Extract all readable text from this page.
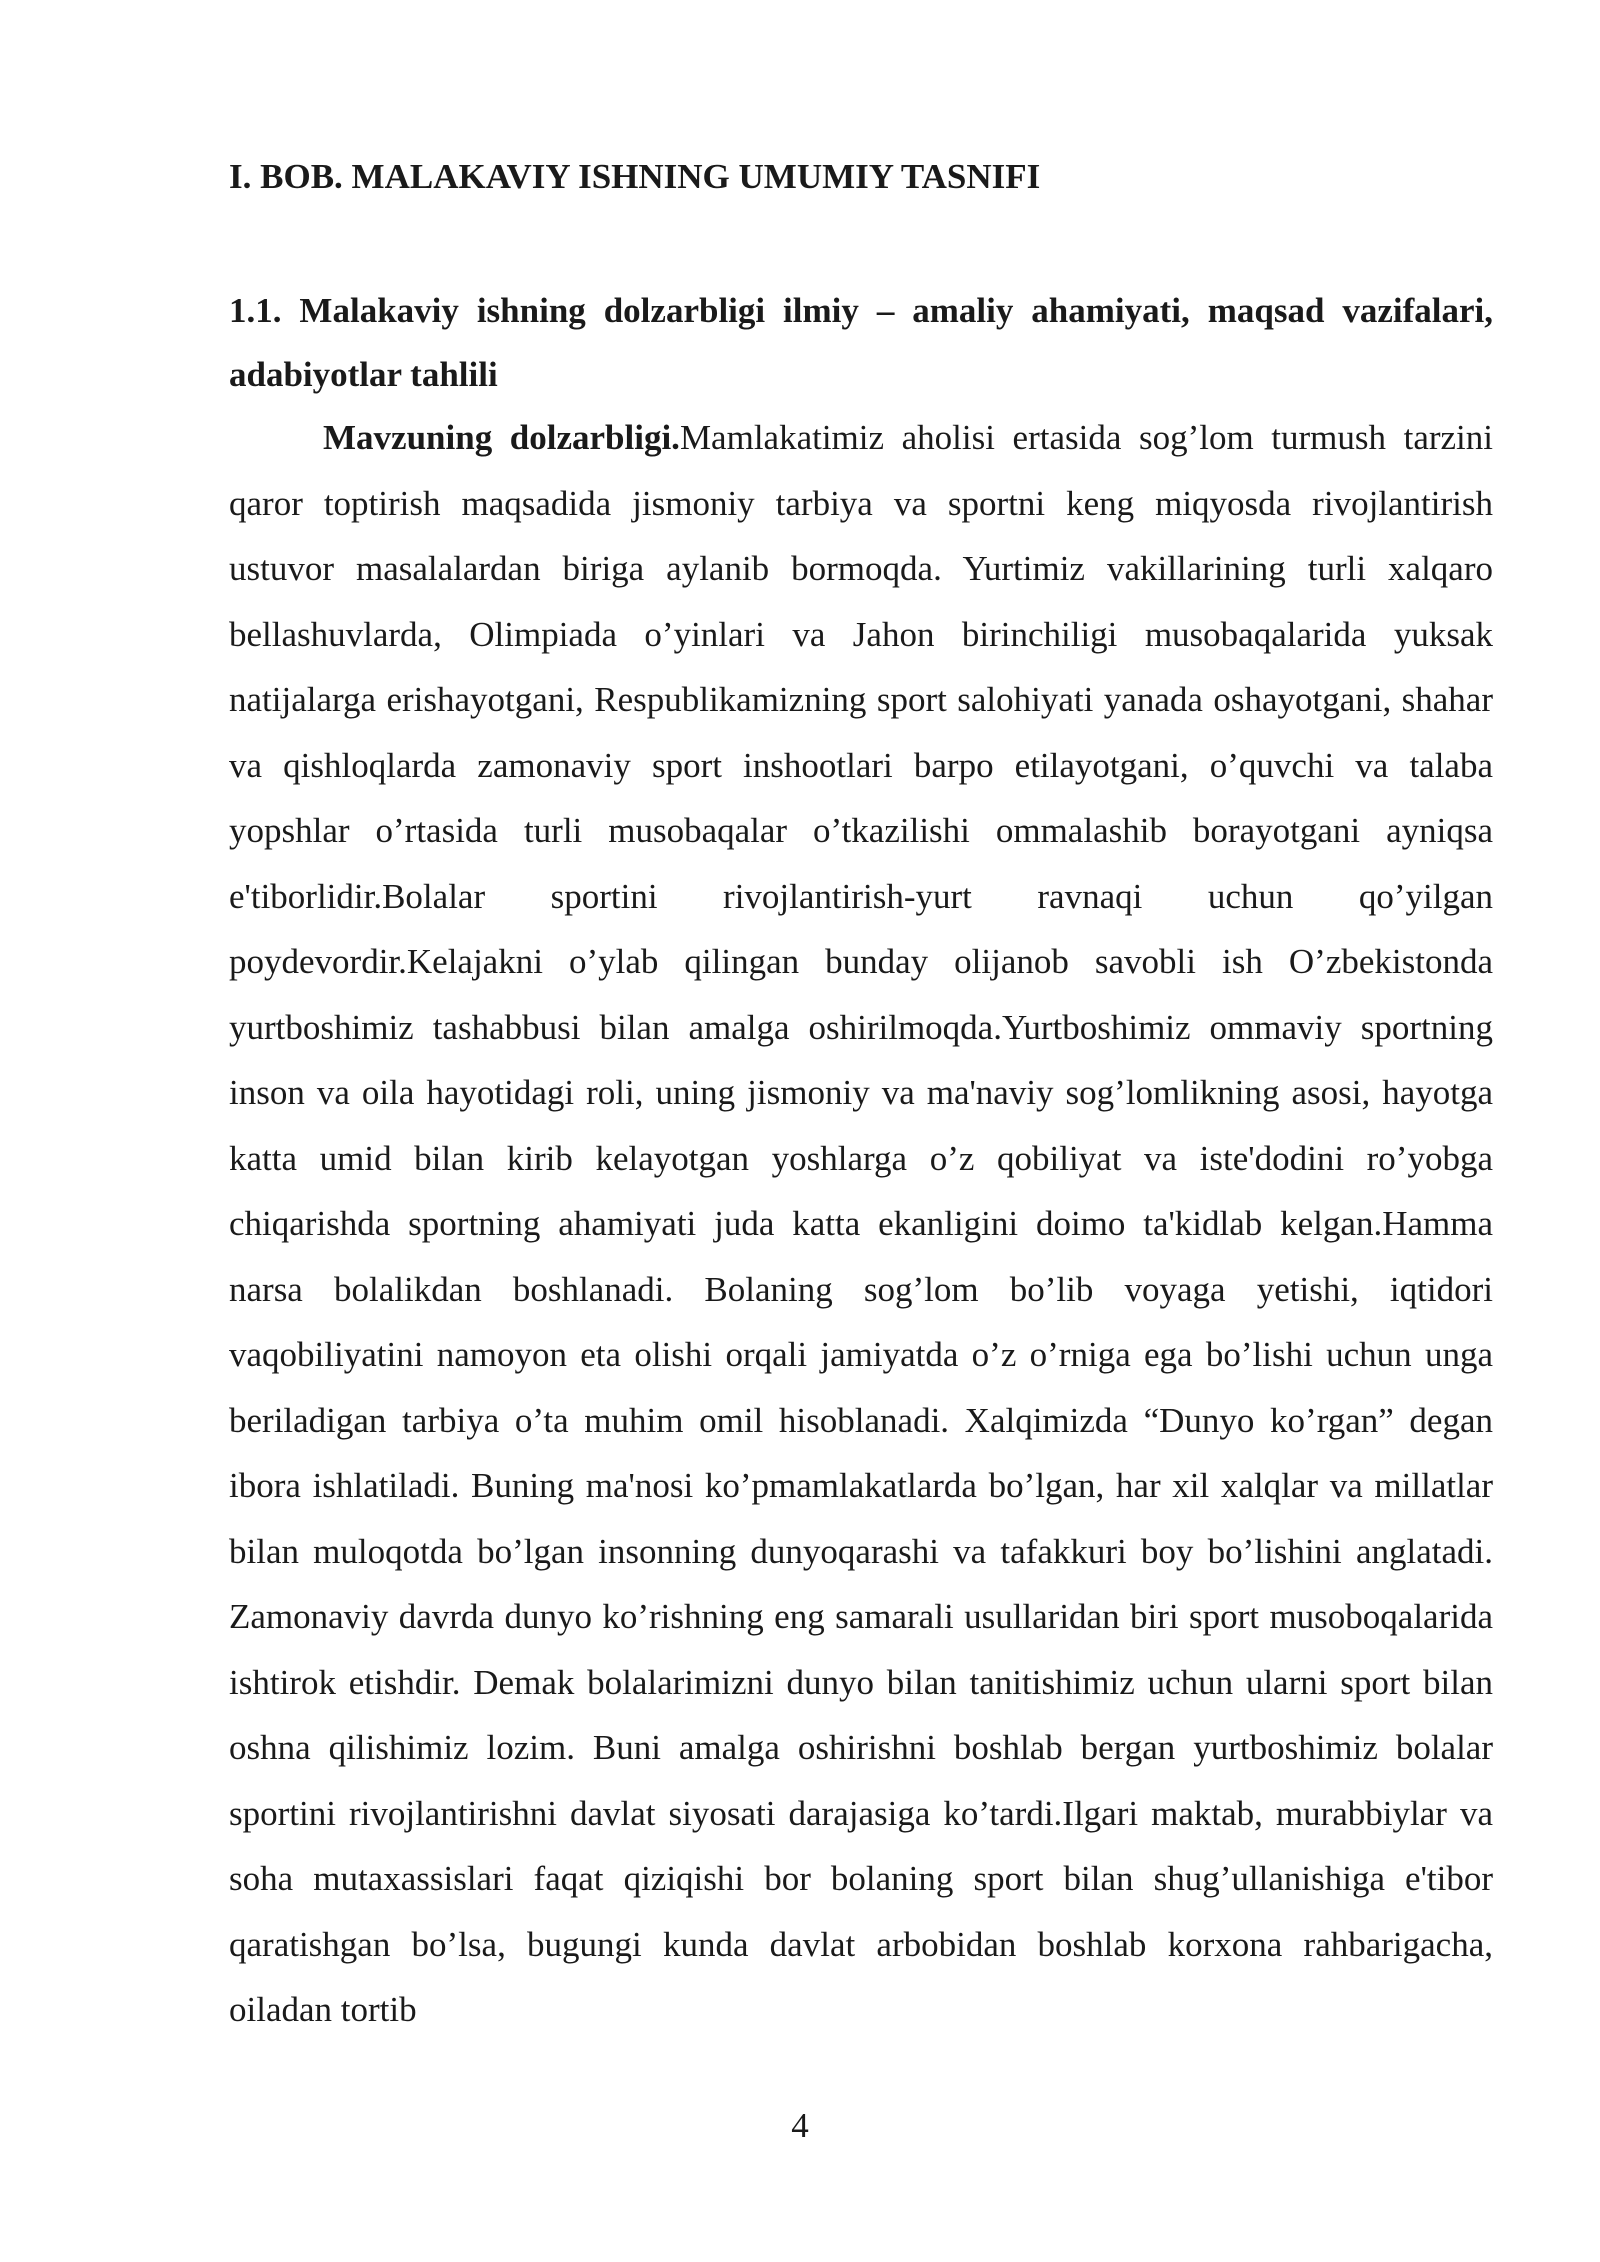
I. BOB. MALAKAVIY ISHNING UMUMIY TASNIFI
1.1. Malakaviy ishning dolzarbligi ilmiy – amaliy ahamiyati, maqsad vazifalari, adabiyotlar tahlili

Mavzuning dolzarbligi.Mamlakatimiz aholisi ertasida sog’lom turmush tarzini qaror toptirish maqsadida jismoniy tarbiya va sportni keng miqyosda rivojlantirish ustuvor masalalardan biriga aylanib bormoqda. Yurtimiz vakillarining turli xalqaro bellashuvlarda, Olimpiada o’yinlari va Jahon birinchiligi musobaqalarida yuksak natijalarga erishayotgani, Respublikamizning sport salohiyati yanada oshayotgani, shahar va qishloqlarda zamonaviy sport inshootlari barpo etilayotgani, o’quvchi va talaba yopshlar o’rtasida turli musobaqalar o’tkazilishi ommalashib borayotgani ayniqsa e'tiborlidir.Bolalar sportini rivojlantirish-yurt ravnaqi uchun qo’yilgan poydevordir.Kelajakni o’ylab qilingan bunday olijanob savobli ish O’zbekistonda yurtboshimiz tashabbusi bilan amalga oshirilmoqda.Yurtboshimiz ommaviy sportning inson va oila hayotidagi roli, uning jismoniy va ma'naviy sog’lomlikning asosi, hayotga katta umid bilan kirib kelayotgan yoshlarga o’z qobiliyat va iste'dodini ro’yobga chiqarishda sportning ahamiyati juda katta ekanligini doimo ta'kidlab kelgan.Hamma narsa bolalikdan boshlanadi. Bolaning sog’lom bo’lib voyaga yetishi, iqtidori vaqobiliyatini namoyon eta olishi orqali jamiyatda o’z o’rniga ega bo’lishi uchun unga beriladigan tarbiya o’ta muhim omil hisoblanadi. Xalqimizda “Dunyo ko’rgan” degan ibora ishlatiladi. Buning ma'nosi ko’pmamlakatlarda bo’lgan, har xil xalqlar va millatlar bilan muloqotda bo’lgan insonning dunyoqarashi va tafakkuri boy bo’lishini anglatadi. Zamonaviy davrda dunyo ko’rishning eng samarali usullaridan biri sport musoboqalarida ishtirok etishdir. Demak bolalarimizni dunyo bilan tanitishimiz uchun ularni sport bilan oshna qilishimiz lozim. Buni amalga oshirishni boshlab bergan yurtboshimiz bolalar sportini rivojlantirishni davlat siyosati darajasiga ko’tardi.Ilgari maktab, murabbiylar va soha mutaxassislari faqat qiziqishi bor bolaning sport bilan shug’ullanishiga e'tibor qaratishgan bo’lsa, bugungi kunda davlat arbobidan boshlab korxona rahbarigacha, oiladan tortib

4
